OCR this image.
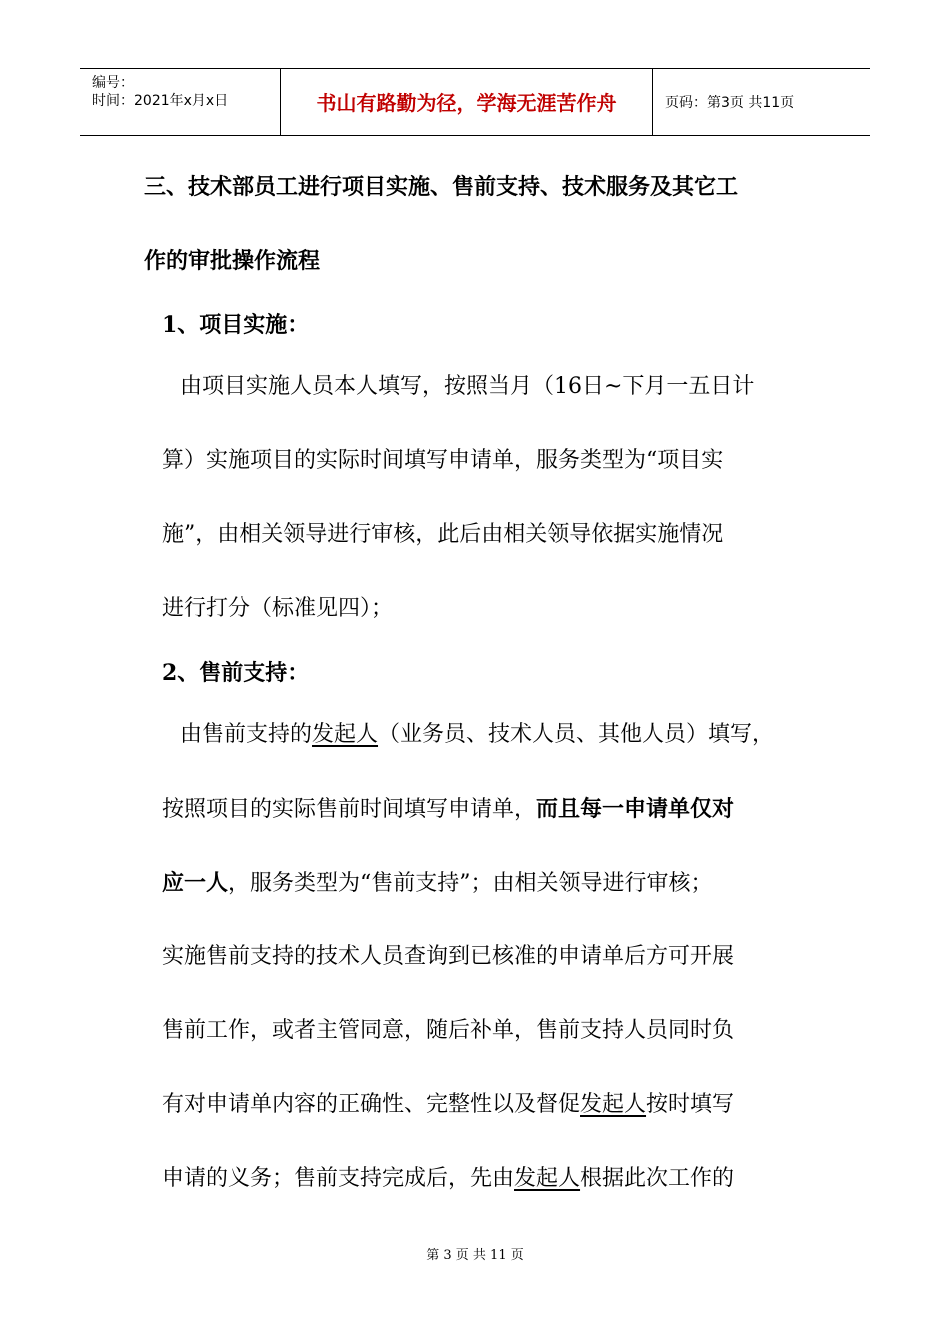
编号：
时间：2021年x月x日	书山有路勤为径，学海无涯苦作舟	页码：第3页 共11页
三、技术部员工进行项目实施、售前支持、技术服务及其它工
作的审批操作流程
1、项目实施：
由项目实施人员本人填写，按照当月（16日~下月一五日计
算）实施项目的实际时间填写申请单，服务类型为“项目实
施”，由相关领导进行审核，此后由相关领导依据实施情况
进行打分（标准见四）；
2、售前支持：
由售前支持的发起人（业务员、技术人员、其他人员）填写，
按照项目的实际售前时间填写申请单，而且每一申请单仅对
应一人，服务类型为“售前支持”；由相关领导进行审核；
实施售前支持的技术人员查询到已核准的申请单后方可开展
售前工作，或者主管同意，随后补单，售前支持人员同时负
有对申请单内容的正确性、完整性以及督促发起人按时填写
申请的义务；售前支持完成后，先由发起人根据此次工作的
第 3 页 共 11 页
